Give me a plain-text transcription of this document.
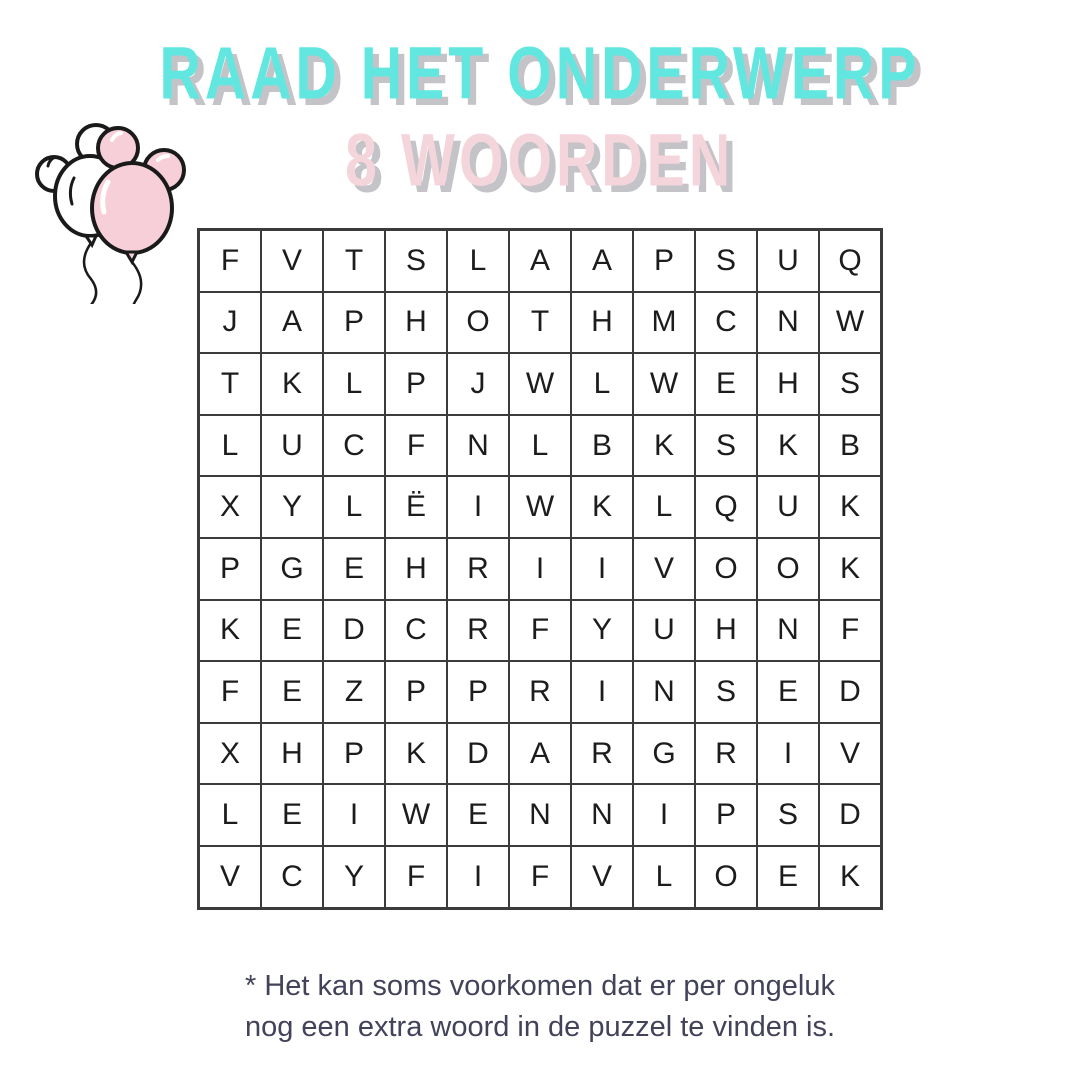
RAAD HET ONDERWERP
8 WOORDEN
F	V	T	S	L	A	A	P	S	U	Q
J	A	P	H	O	T	H	M	C	N	W
T	K	L	P	J	W	L	W	E	H	S
L	U	C	F	N	L	B	K	S	K	B
X	Y	L	Ë	I	W	K	L	Q	U	K
P	G	E	H	R	I	I	V	O	O	K
K	E	D	C	R	F	Y	U	H	N	F
F	E	Z	P	P	R	I	N	S	E	D
X	H	P	K	D	A	R	G	R	I	V
L	E	I	W	E	N	N	I	P	S	D
V	C	Y	F	I	F	V	L	O	E	K
* Het kan soms voorkomen dat er per ongeluk
nog een extra woord in de puzzel te vinden is.
